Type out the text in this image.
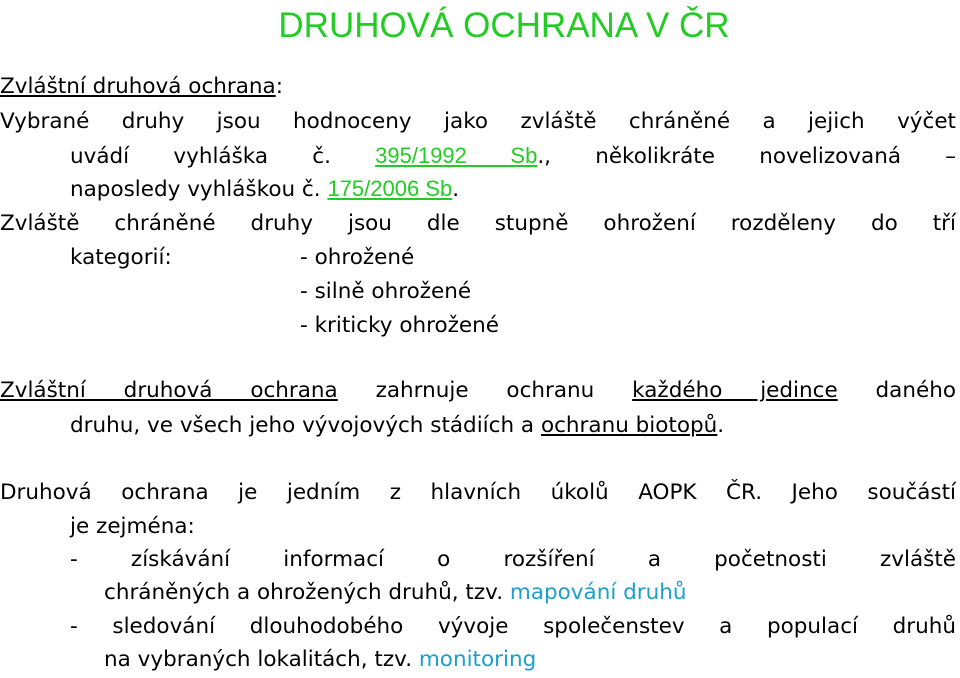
DRUHOVÁ OCHRANA V ČR
Zvláštní druhová ochrana:
Vybrané druhy jsou hodnoceny jako zvláště chráněné a jejich výčet
uvádí vyhláška č. 395/1992 Sb., několikráte novelizovaná –
naposledy vyhláškou č. 175/2006 Sb.
Zvláště chráněné druhy jsou dle stupně ohrožení rozděleny do tří
kategorií:	- ohrožené
- silně ohrožené
- kriticky ohrožené
Zvláštní druhová ochrana zahrnuje ochranu každého jedince daného
druhu, ve všech jeho vývojových stádiích a ochranu biotopů.
Druhová ochrana je jedním z hlavních úkolů AOPK ČR. Jeho součástí
je zejména:
- získávání informací o rozšíření a početnosti zvláště
chráněných a ohrožených druhů, tzv. mapování druhů
- sledování dlouhodobého vývoje společenstev a populací druhů
na vybraných lokalitách, tzv. monitoring
